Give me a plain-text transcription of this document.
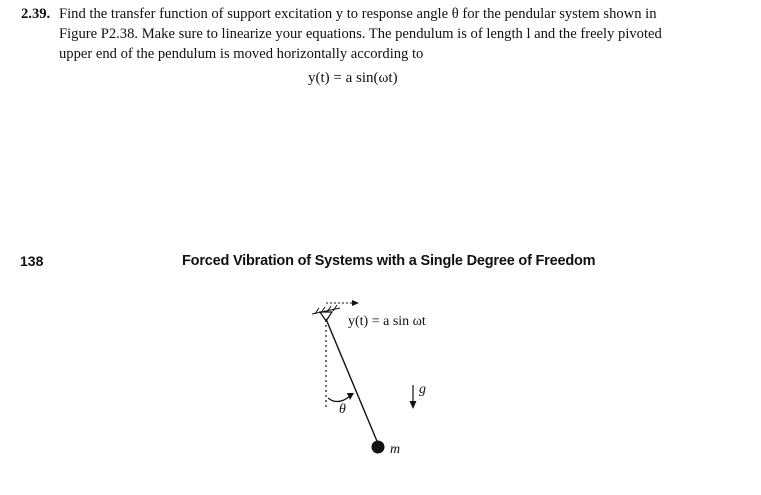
2.39. Find the transfer function of support excitation y to response angle θ for the pendular system shown in
Figure P2.38. Make sure to linearize your equations. The pendulum is of length l and the freely pivoted
upper end of the pendulum is moved horizontally according to
y(t) = a sin(ωt)
138	Forced Vibration of Systems with a Single Degree of Freedom
y(t) = a sin ωt
g
θ
m
